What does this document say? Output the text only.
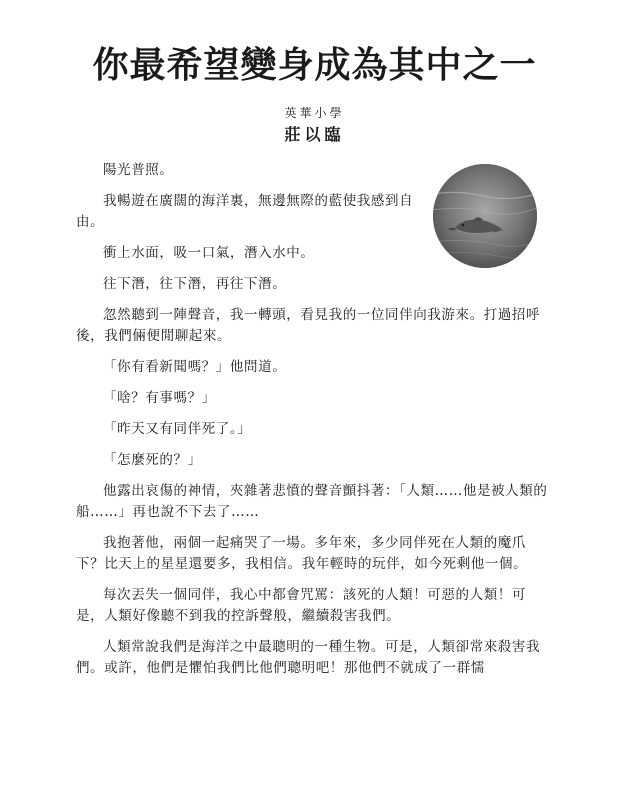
你最希望變身成為其中之一
英華小學
莊以臨

陽光普照。

我暢遊在廣闊的海洋裏，無邊無際的藍使我感到自由。

衝上水面，吸一口氣，潛入水中。

往下潛，往下潛，再往下潛。

忽然聽到一陣聲音，我一轉頭，看見我的一位同伴向我游來。打過招呼後，我們倆便閒聊起來。

「你有看新聞嗎？」他問道。

「啥？有事嗎？」

「昨天又有同伴死了。」

「怎麼死的？」

他露出哀傷的神情，夾雜著悲憤的聲音顫抖著：「人類……他是被人類的船……」再也說不下去了……

我抱著他，兩個一起痛哭了一場。多年來，多少同伴死在人類的魔爪下？比天上的星星還要多，我相信。我年輕時的玩伴，如今死剩他一個。

每次丟失一個同伴，我心中都會咒罵：該死的人類！可惡的人類！可是，人類好像聽不到我的控訴聲般，繼續殺害我們。

人類常說我們是海洋之中最聰明的一種生物。可是，人類卻常來殺害我們。或許，他們是懼怕我們比他們聰明吧！那他們不就成了一群懦
